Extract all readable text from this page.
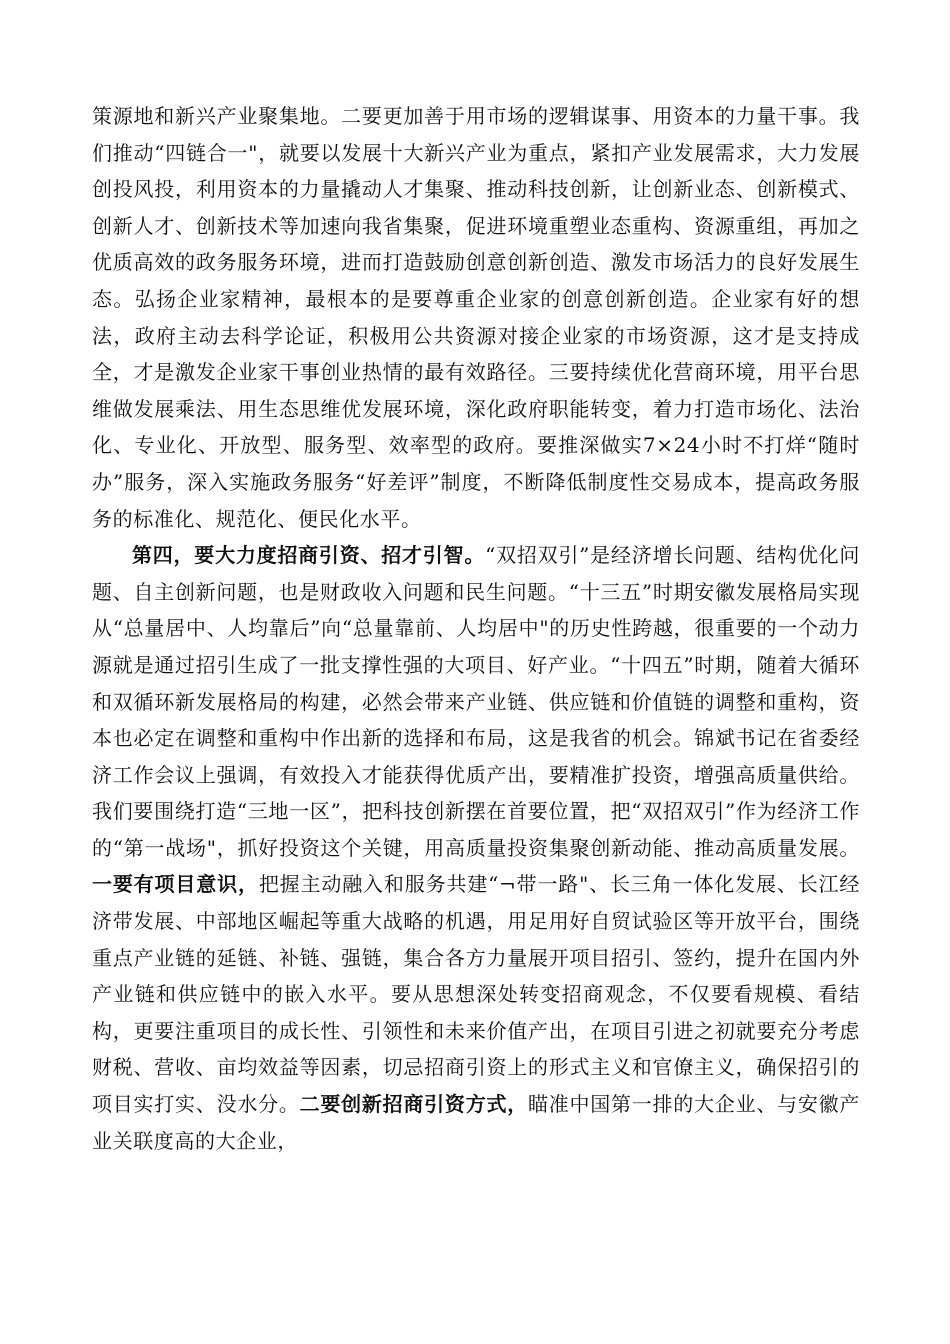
策源地和新兴产业聚集地。二要更加善于用市场的逻辑谋事、用资本的力量干事。我们推动“四链合一"，就要以发展十大新兴产业为重点，紧扣产业发展需求，大力发展创投风投，利用资本的力量撬动人才集聚、推动科技创新，让创新业态、创新模式、创新人才、创新技术等加速向我省集聚，促进环境重塑业态重构、资源重组，再加之优质高效的政务服务环境，进而打造鼓励创意创新创造、激发市场活力的良好发展生态。弘扬企业家精神，最根本的是要尊重企业家的创意创新创造。企业家有好的想法，政府主动去科学论证，积极用公共资源对接企业家的市场资源，这才是支持成全，才是激发企业家干事创业热情的最有效路径。三要持续优化营商环境，用平台思维做发展乘法、用生态思维优发展环境，深化政府职能转变，着力打造市场化、法治化、专业化、开放型、服务型、效率型的政府。要推深做实7×24小时不打烊“随时办”服务，深入实施政务服务“好差评”制度，不断降低制度性交易成本，提高政务服务的标准化、规范化、便民化水平。

第四，要大力度招商引资、招才引智。“双招双引”是经济增长问题、结构优化问题、自主创新问题，也是财政收入问题和民生问题。“十三五”时期安徽发展格局实现从“总量居中、人均靠后”向“总量靠前、人均居中"的历史性跨越，很重要的一个动力源就是通过招引生成了一批支撑性强的大项目、好产业。“十四五”时期，随着大循环和双循环新发展格局的构建，必然会带来产业链、供应链和价值链的调整和重构，资本也必定在调整和重构中作出新的选择和布局，这是我省的机会。锦斌书记在省委经济工作会议上强调，有效投入才能获得优质产出，要精准扩投资，增强高质量供给。我们要围绕打造“三地一区”，把科技创新摆在首要位置，把“双招双引”作为经济工作的“第一战场"，抓好投资这个关键，用高质量投资集聚创新动能、推动高质量发展。一要有项目意识，把握主动融入和服务共建“¬带一路"、长三角一体化发展、长江经济带发展、中部地区崛起等重大战略的机遇，用足用好自贸试验区等开放平台，围绕重点产业链的延链、补链、强链，集合各方力量展开项目招引、签约，提升在国内外产业链和供应链中的嵌入水平。要从思想深处转变招商观念，不仅要看规模、看结构，更要注重项目的成长性、引领性和未来价值产出，在项目引进之初就要充分考虑财税、营收、亩均效益等因素，切忌招商引资上的形式主义和官僚主义，确保招引的项目实打实、没水分。二要创新招商引资方式，瞄准中国第一排的大企业、与安徽产业关联度高的大企业，
